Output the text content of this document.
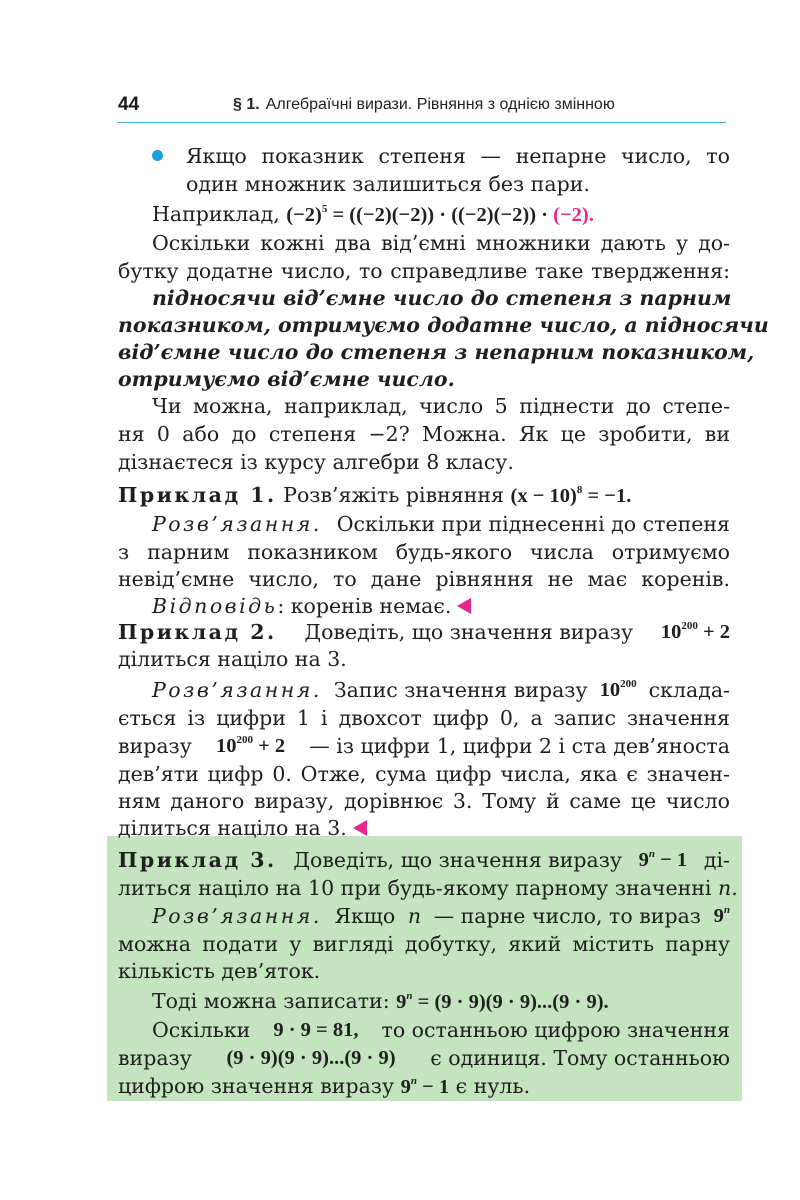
44	§ 1. Алгебраїчні вирази. Рівняння з однією змінною
Якщо показник степеня — непарне число, то
один множник залишиться без пари.
Наприклад, $(-2)^5 = ((-2)(-2)) \cdot ((-2)(-2)) \cdot (-2)$.
Оскільки кожні два від’ємні множники дають у до-
бутку додатне число, то справедливе таке твердження:
підносячи від’ємне число до степеня з парним
показником, отримуємо додатне число, а підносячи
від’ємне число до степеня з непарним показником,
отримуємо від’ємне число.
Чи можна, наприклад, число 5 піднести до степе-
ня 0 або до степеня −2? Можна. Як це зробити, ви
дізнаєтеся із курсу алгебри 8 класу.
Приклад 1. Розв’яжіть рівняння $(x - 10)^8 = -1$.
Розв’язання. Оскільки при піднесенні до степеня
з парним показником будь-якого числа отримуємо
невід’ємне число, то дане рівняння не має коренів.
Відповідь: коренів немає.
Приклад 2. Доведіть, що значення виразу $10^{200} + 2$
ділиться націло на 3.
Розв’язання. Запис значення виразу $10^{200}$ склада-
ється із цифри 1 і двохсот цифр 0, а запис значення
виразу $10^{200} + 2$ — із цифри 1, цифри 2 і ста дев’яноста
дев’яти цифр 0. Отже, сума цифр числа, яка є значен-
ням даного виразу, дорівнює 3. Тому й саме це число
ділиться націло на 3.
Приклад 3. Доведіть, що значення виразу $9^n - 1$ ді-
литься націло на 10 при будь-якому парному значенні n.
Розв’язання. Якщо n — парне число, то вираз 9$^n$
можна подати у вигляді добутку, який містить парну
кількість дев’яток.
Тоді можна записати: $9^n = (9 \cdot 9)(9 \cdot 9)...(9 \cdot 9)$.
Оскільки 9 · 9 = 81, то останньою цифрою значення
виразу (9 · 9)(9 · 9)...(9 · 9) є одиниця. Тому останньою
цифрою значення виразу $9^n - 1$ є нуль.
